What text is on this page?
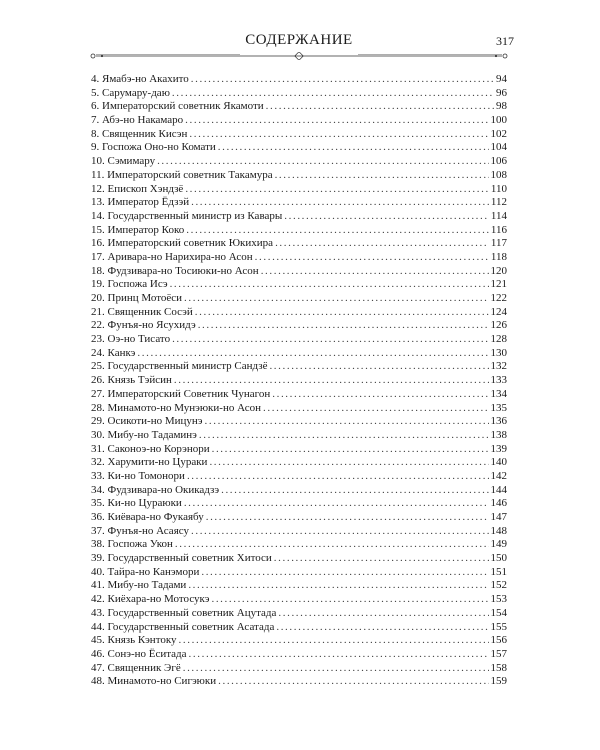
СОДЕРЖАНИЕ	317
4. Ямабэ-но Акахито .....	94
5. Сарумару-даю .....	96
6. Императорский советник Якамоти .....	98
7. Абэ-но Накамаро .....	100
8. Священник Кисэн .....	102
9. Госпожа Оно-но Комати .....	104
10. Сэмимару .....	106
11. Императорский советник Такамура .....	108
12. Епископ Хэндзё .....	110
13. Император Ёдзэй .....	112
14. Государственный министр из Кавары .....	114
15. Император Коко .....	116
16. Императорский советник Юкихира .....	117
17. Аривара-но Нарихира-но Асон .....	118
18. Фудзивара-но Тосиюки-но Асон .....	120
19. Госпожа Исэ .....	121
20. Принц Мотоёси .....	122
21. Священник Сосэй .....	124
22. Фунъя-но Ясухидэ .....	126
23. Оэ-но Тисато .....	128
24. Канкэ .....	130
25. Государственный министр Сандзё .....	132
26. Князь Тэйсин .....	133
27. Императорский Советник Чунагон .....	134
28. Минамото-но Мунэюки-но Асон .....	135
29. Осикоти-но Мицунэ .....	136
30. Мибу-но Тадаминэ .....	138
31. Саконоэ-но Корэнори .....	139
32. Харумити-но Цураки .....	140
33. Ки-но Томонори .....	142
34. Фудзивара-но Окикадзэ .....	144
35. Ки-но Цураюки .....	146
36. Киёвара-но Фукаябу .....	147
37. Фунъя-но Асаясу .....	148
38. Госпожа Укон .....	149
39. Государственный советник Хитоси .....	150
40. Тайра-но Канэмори .....	151
41. Мибу-но Тадами .....	152
42. Киёхара-но Мотосукэ .....	153
43. Государственный советник Ацутада .....	154
44. Государственный советник Асатада .....	155
45. Князь Кэнтоку .....	156
46. Сонэ-но Ёситада .....	157
47. Священник Эгё .....	158
48. Минамото-но Сигэюки .....	159
